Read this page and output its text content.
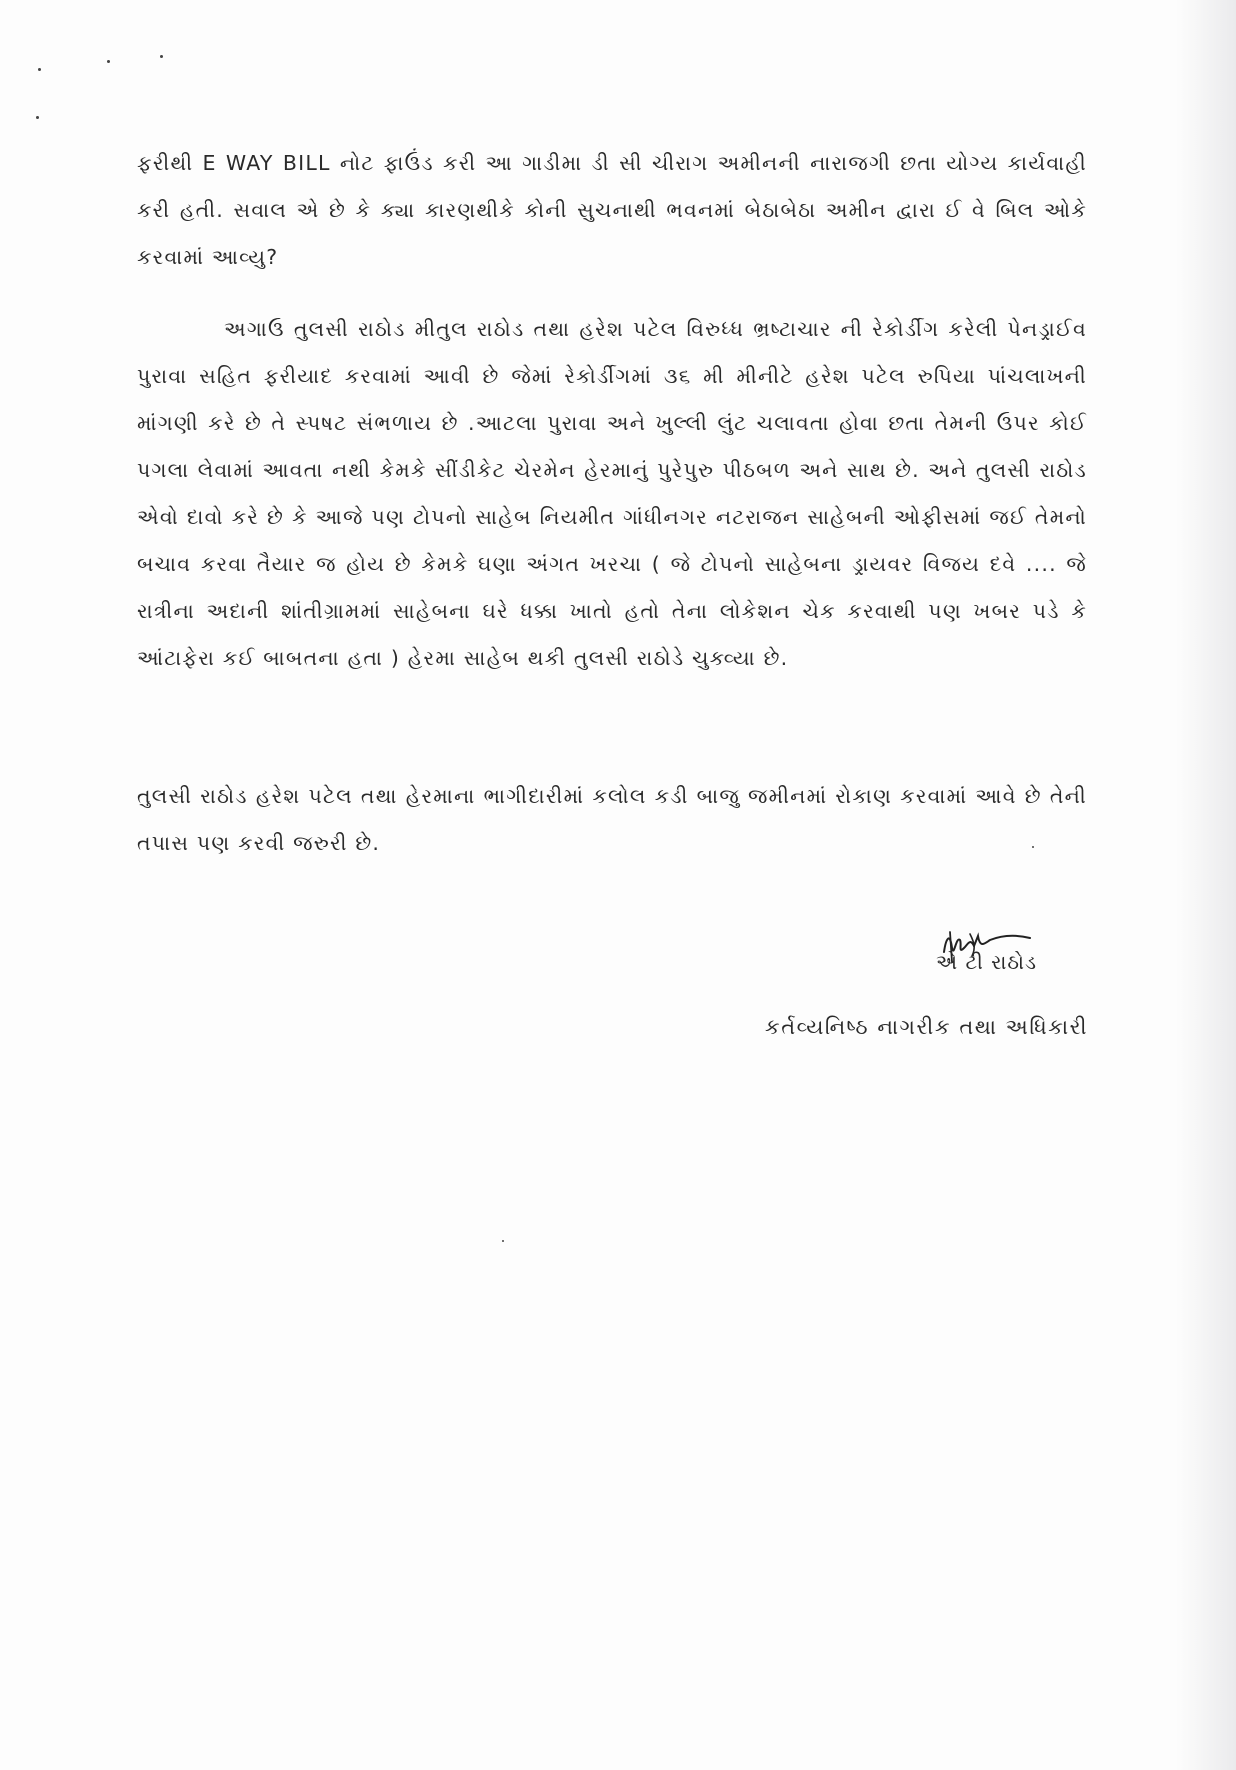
ફરીથી E WAY BILL નોટ ફાઉંડ કરી આ ગાડીમા ડી સી ચીરાગ અમીનની નારાજગી છતા યોગ્ય કાર્યવાહી કરી હતી. સવાલ એ છે કે ક્યા કારણથીકે કોની સુચનાથી ભવનમાં બેઠાબેઠા અમીન દ્વારા ઈ વે બિલ ઓકે કરવામાં આવ્યુ?

અગાઉ તુલસી રાઠોડ મીતુલ રાઠોડ તથા હરેશ પટેલ વિરુધ્ધ ભ્રષ્ટાચાર ની રેકોર્ડીગ કરેલી પેનડ્રાઈવ પુરાવા સહિત ફરીયાદ કરવામાં આવી છે જેમાં રેકોર્ડીગમાં ૩૬ મી મીનીટે હરેશ પટેલ રુપિયા પાંચલાખની માંગણી કરે છે તે સ્પષટ સંભળાય છે .આટલા પુરાવા અને ખુલ્લી લુંટ ચલાવતા હોવા છતા તેમની ઉપર કોઈ પગલા લેવામાં આવતા નથી કેમકે સીંડીકેટ ચેરમેન હેરમાનું પુરેપુરુ પીઠબળ અને સાથ છે. અને તુલસી રાઠોડ એવો દાવો કરે છે કે આજે પણ ટોપનો સાહેબ નિયમીત ગાંધીનગર નટરાજન સાહેબની ઓફીસમાં જઈ તેમનો બચાવ કરવા તૈયાર જ હોય છે કેમકે ઘણા અંગત ખરચા ( જે ટોપનો સાહેબના ડ્રાયવર વિજય દવે .... જે રાત્રીના અદાની શાંતીગ્રામમાં સાહેબના ઘરે ધક્કા ખાતો હતો તેના લોકેશન ચેક કરવાથી પણ ખબર પડે કે આંટાફેરા કઈ બાબતના હતા ) હેરમા સાહેબ થકી તુલસી રાઠોડે ચુક્વ્યા છે.

તુલસી રાઠોડ હરેશ પટેલ તથા હેરમાના ભાગીદારીમાં કલોલ કડી બાજુ જમીનમાં રોકાણ કરવામાં આવે છે તેની તપાસ પણ કરવી જરુરી છે.

એ ટી રાઠોડ
કર્તવ્યનિષ્ઠ નાગરીક તથા અધિકારી
